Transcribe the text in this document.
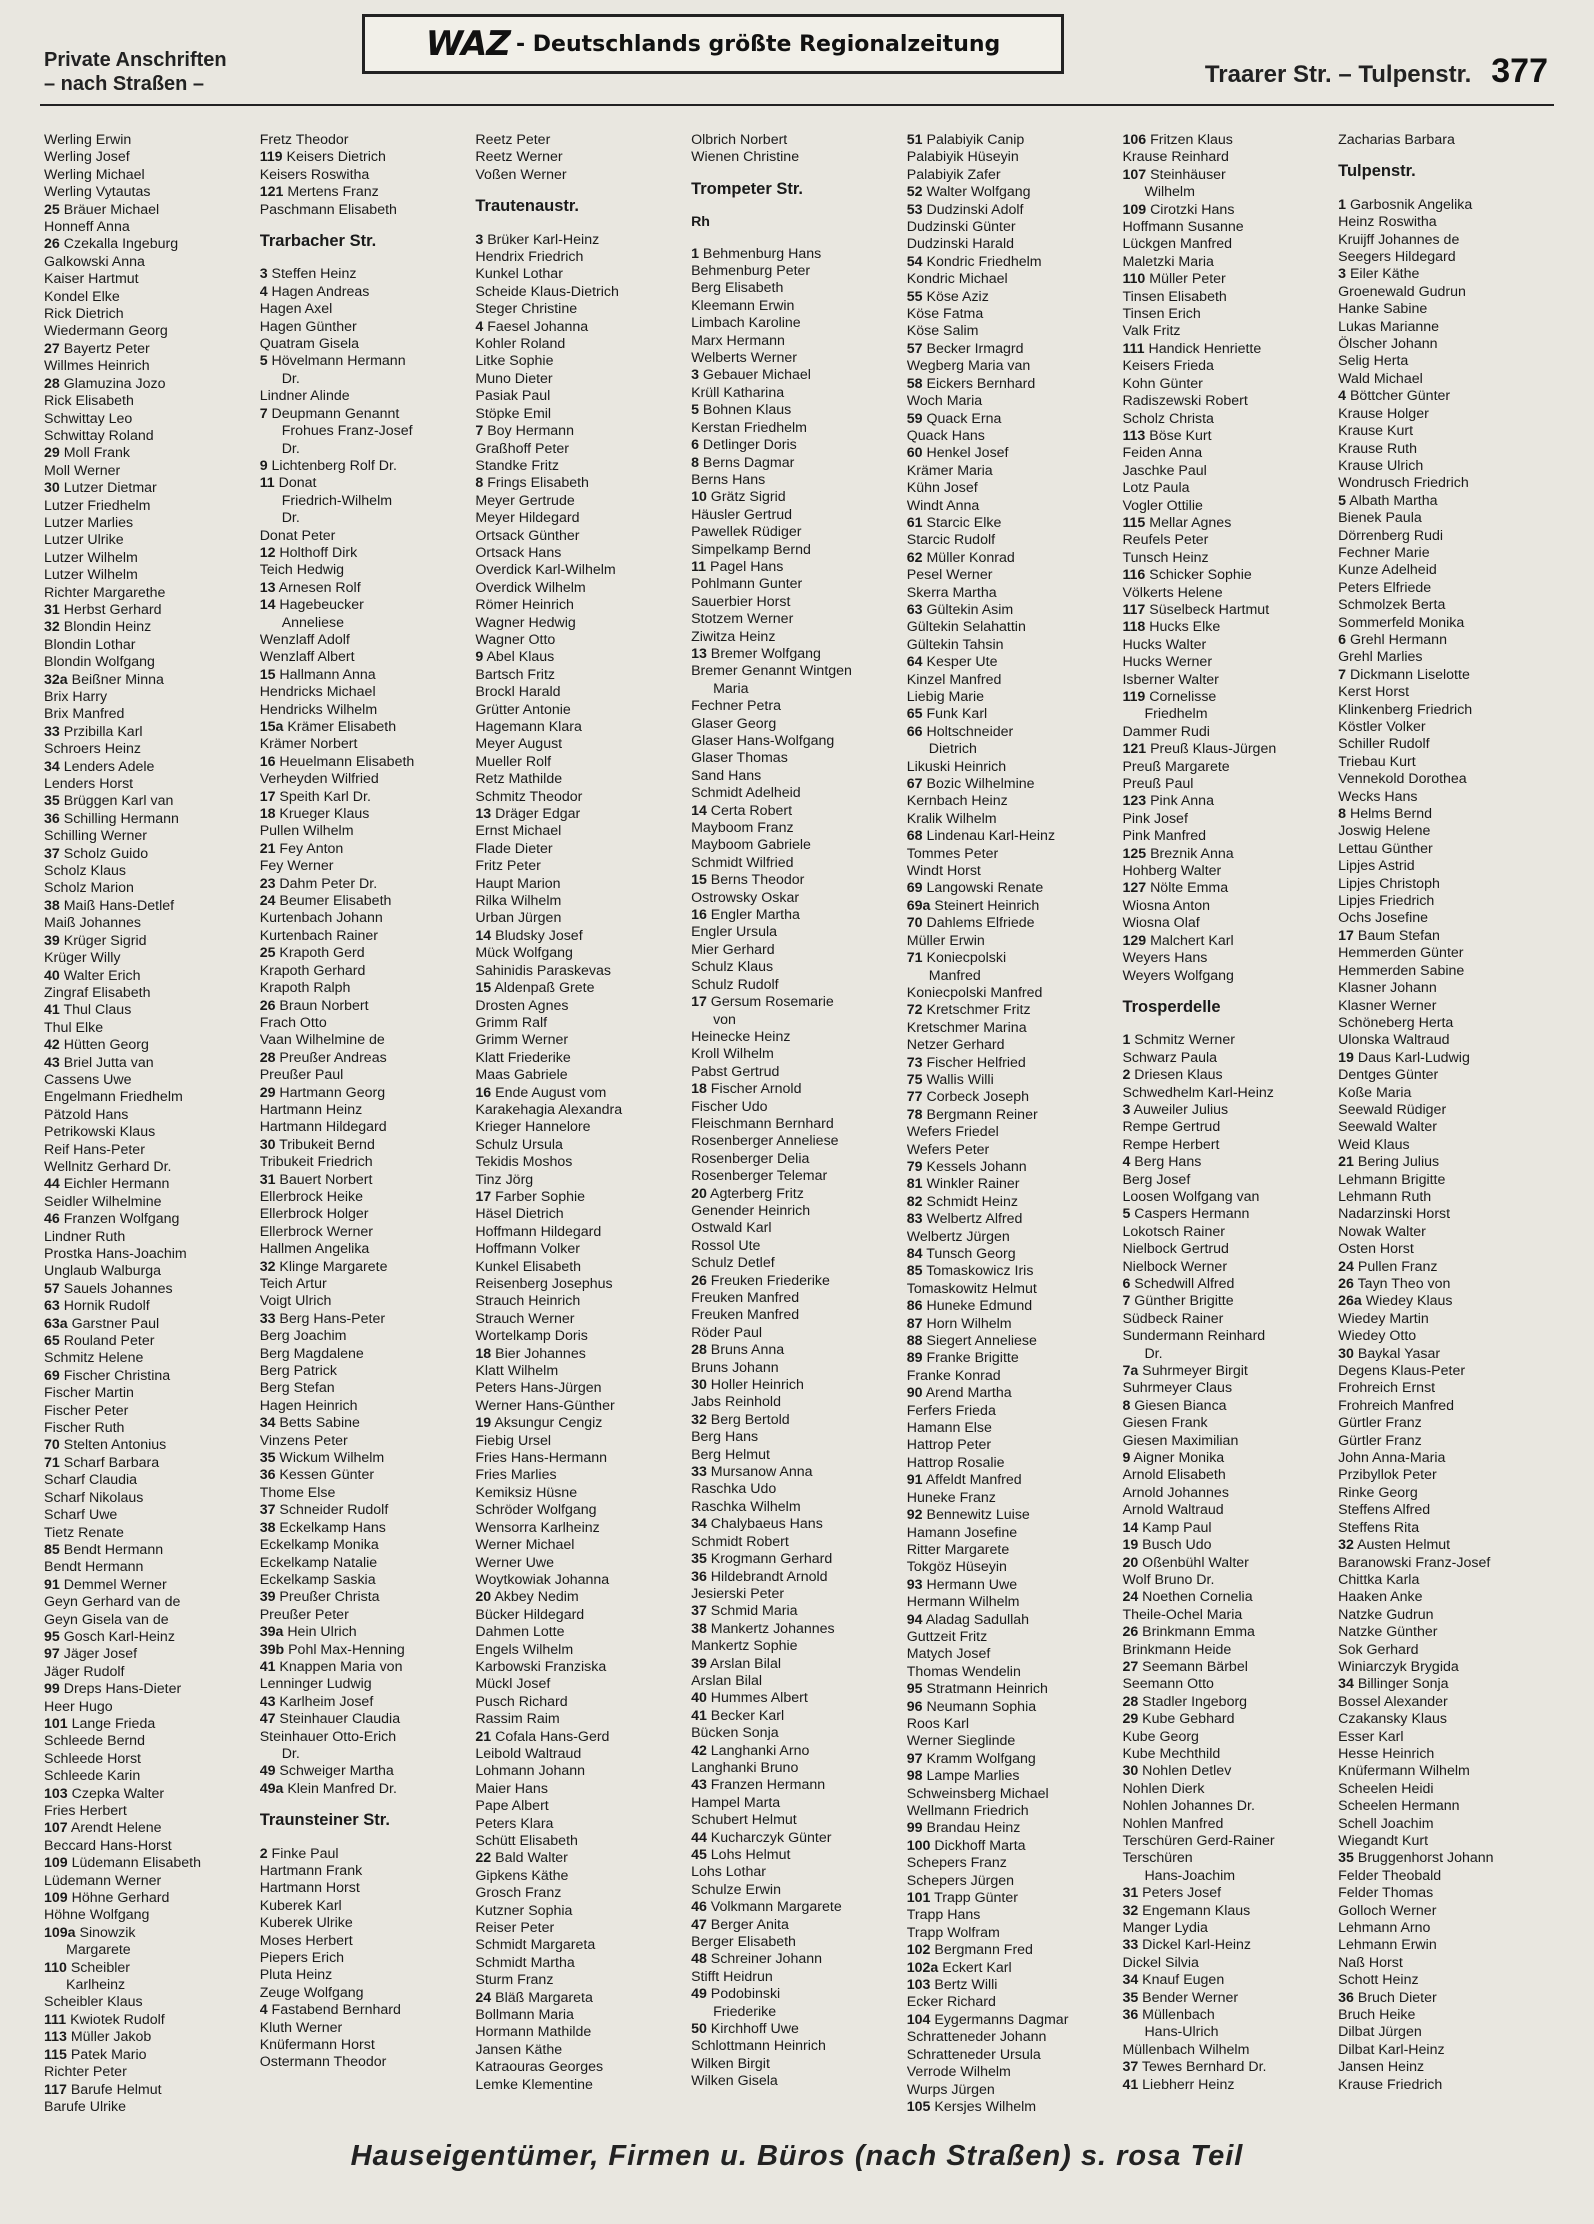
Private Anschriften
– nach Straßen –
WAZ - Deutschlands größte Regionalzeitung
Traarer Str. – Tulpenstr. 377
Werling Erwin
Werling Josef
Werling Michael
Werling Vytautas
25 Bräuer Michael
Honneff Anna
26 Czekalla Ingeburg
Galkowski Anna
Kaiser Hartmut
Kondel Elke
Rick Dietrich
Wiedermann Georg
27 Bayertz Peter
Willmes Heinrich
28 Glamuzina Jozo
Rick Elisabeth
Schwittay Leo
Schwittay Roland
29 Moll Frank
Moll Werner
30 Lutzer Dietmar
Lutzer Friedhelm
Lutzer Marlies
Lutzer Ulrike
Lutzer Wilhelm
Lutzer Wilhelm
Richter Margarethe
31 Herbst Gerhard
32 Blondin Heinz
Blondin Lothar
Blondin Wolfgang
32a Beißner Minna
Brix Harry
Brix Manfred
33 Przibilla Karl
Schroers Heinz
34 Lenders Adele
Lenders Horst
35 Brüggen Karl van
36 Schilling Hermann
Schilling Werner
37 Scholz Guido
Scholz Klaus
Scholz Marion
38 Maiß Hans-Detlef
Maiß Johannes
39 Krüger Sigrid
Krüger Willy
40 Walter Erich
Zingraf Elisabeth
41 Thul Claus
Thul Elke
42 Hütten Georg
43 Briel Jutta van
Cassens Uwe
Engelmann Friedhelm
Pätzold Hans
Petrikowski Klaus
Reif Hans-Peter
Wellnitz Gerhard Dr.
44 Eichler Hermann
Seidler Wilhelmine
46 Franzen Wolfgang
Lindner Ruth
Prostka Hans-Joachim
Unglaub Walburga
57 Sauels Johannes
63 Hornik Rudolf
63a Garstner Paul
65 Rouland Peter
Schmitz Helene
69 Fischer Christina
Fischer Martin
Fischer Peter
Fischer Ruth
70 Stelten Antonius
71 Scharf Barbara
Scharf Claudia
Scharf Nikolaus
Scharf Uwe
Tietz Renate
85 Bendt Hermann
Bendt Hermann
91 Demmel Werner
Geyn Gerhard van de
Geyn Gisela van de
95 Gosch Karl-Heinz
97 Jäger Josef
Jäger Rudolf
99 Dreps Hans-Dieter
Heer Hugo
101 Lange Frieda
Schleede Bernd
Schleede Horst
Schleede Karin
103 Czepka Walter
Fries Herbert
107 Arendt Helene
Beccard Hans-Horst
109 Lüdemann Elisabeth
Lüdemann Werner
109 Höhne Gerhard
Höhne Wolfgang
109a Sinowzik
Margarete
110 Scheibler
Karlheinz
Scheibler Klaus
111 Kwiotek Rudolf
113 Müller Jakob
115 Patek Mario
Richter Peter
117 Barufe Helmut
Barufe Ulrike
Fretz Theodor
119 Keisers Dietrich
Keisers Roswitha
121 Mertens Franz
Paschmann Elisabeth
Trarbacher Str.
3 Steffen Heinz
4 Hagen Andreas
Hagen Axel
Hagen Günther
Quatram Gisela
5 Hövelmann Hermann
Dr.
Lindner Alinde
7 Deupmann Genannt
Frohues Franz-Josef
Dr.
9 Lichtenberg Rolf Dr.
11 Donat
Friedrich-Wilhelm
Dr.
Donat Peter
12 Holthoff Dirk
Teich Hedwig
13 Arnesen Rolf
14 Hagebeucker
Anneliese
Wenzlaff Adolf
Wenzlaff Albert
15 Hallmann Anna
Hendricks Michael
Hendricks Wilhelm
15a Krämer Elisabeth
Krämer Norbert
16 Heuelmann Elisabeth
Verheyden Wilfried
17 Speith Karl Dr.
18 Krueger Klaus
Pullen Wilhelm
21 Fey Anton
Fey Werner
23 Dahm Peter Dr.
24 Beumer Elisabeth
Kurtenbach Johann
Kurtenbach Rainer
25 Krapoth Gerd
Krapoth Gerhard
Krapoth Ralph
26 Braun Norbert
Frach Otto
Vaan Wilhelmine de
28 Preußer Andreas
Preußer Paul
29 Hartmann Georg
Hartmann Heinz
Hartmann Hildegard
30 Tribukeit Bernd
Tribukeit Friedrich
31 Bauert Norbert
Ellerbrock Heike
Ellerbrock Holger
Ellerbrock Werner
Hallmen Angelika
32 Klinge Margarete
Teich Artur
Voigt Ulrich
33 Berg Hans-Peter
Berg Joachim
Berg Magdalene
Berg Patrick
Berg Stefan
Hagen Heinrich
34 Betts Sabine
Vinzens Peter
35 Wickum Wilhelm
36 Kessen Günter
Thome Else
37 Schneider Rudolf
38 Eckelkamp Hans
Eckelkamp Monika
Eckelkamp Natalie
Eckelkamp Saskia
39 Preußer Christa
Preußer Peter
39a Hein Ulrich
39b Pohl Max-Henning
41 Knappen Maria von
Lenninger Ludwig
43 Karlheim Josef
47 Steinhauer Claudia
Steinhauer Otto-Erich
Dr.
49 Schweiger Martha
49a Klein Manfred Dr.
Traunsteiner Str.
2 Finke Paul
Hartmann Frank
Hartmann Horst
Kuberek Karl
Kuberek Ulrike
Moses Herbert
Piepers Erich
Pluta Heinz
Zeuge Wolfgang
4 Fastabend Bernhard
Kluth Werner
Knüfermann Horst
Ostermann Theodor
Reetz Peter
Reetz Werner
Voßen Werner
Trautenaustr.
3 Brüker Karl-Heinz
Hendrix Friedrich
Kunkel Lothar
Scheide Klaus-Dietrich
Steger Christine
4 Faesel Johanna
Kohler Roland
Litke Sophie
Muno Dieter
Pasiak Paul
Stöpke Emil
7 Boy Hermann
Graßhoff Peter
Standke Fritz
8 Frings Elisabeth
Meyer Gertrude
Meyer Hildegard
Ortsack Günther
Ortsack Hans
Overdick Karl-Wilhelm
Overdick Wilhelm
Römer Heinrich
Wagner Hedwig
Wagner Otto
9 Abel Klaus
Bartsch Fritz
Brockl Harald
Grütter Antonie
Hagemann Klara
Meyer August
Mueller Rolf
Retz Mathilde
Schmitz Theodor
13 Dräger Edgar
Ernst Michael
Flade Dieter
Fritz Peter
Haupt Marion
Rilka Wilhelm
Urban Jürgen
14 Bludsky Josef
Mück Wolfgang
Sahinidis Paraskevas
15 Aldenpaß Grete
Drosten Agnes
Grimm Ralf
Grimm Werner
Klatt Friederike
Maas Gabriele
16 Ende August vom
Karakehagia Alexandra
Krieger Hannelore
Schulz Ursula
Tekidis Moshos
Tinz Jörg
17 Farber Sophie
Häsel Dietrich
Hoffmann Hildegard
Hoffmann Volker
Kunkel Elisabeth
Reisenberg Josephus
Strauch Heinrich
Strauch Werner
Wortelkamp Doris
18 Bier Johannes
Klatt Wilhelm
Peters Hans-Jürgen
Werner Hans-Günther
19 Aksungur Cengiz
Fiebig Ursel
Fries Hans-Hermann
Fries Marlies
Kemiksiz Hüsne
Schröder Wolfgang
Wensorra Karlheinz
Werner Michael
Werner Uwe
Woytkowiak Johanna
20 Akbey Nedim
Bücker Hildegard
Dahmen Lotte
Engels Wilhelm
Karbowski Franziska
Mückl Josef
Pusch Richard
Rassim Raim
21 Cofala Hans-Gerd
Leibold Waltraud
Lohmann Johann
Maier Hans
Pape Albert
Peters Klara
Schütt Elisabeth
22 Bald Walter
Gipkens Käthe
Grosch Franz
Kutzner Sophia
Reiser Peter
Schmidt Margareta
Schmidt Martha
Sturm Franz
24 Bläß Margareta
Bollmann Maria
Hormann Mathilde
Jansen Käthe
Katraouras Georges
Lemke Klementine
Olbrich Norbert
Wienen Christine
Trompeter Str.
Rh
1 Behmenburg Hans
Behmenburg Peter
Berg Elisabeth
Kleemann Erwin
Limbach Karoline
Marx Hermann
Welberts Werner
3 Gebauer Michael
Krüll Katharina
5 Bohnen Klaus
Kerstan Friedhelm
6 Detlinger Doris
8 Berns Dagmar
Berns Hans
10 Grätz Sigrid
Häusler Gertrud
Pawellek Rüdiger
Simpelkamp Bernd
11 Pagel Hans
Pohlmann Gunter
Sauerbier Horst
Stotzem Werner
Ziwitza Heinz
13 Bremer Wolfgang
Bremer Genannt Wintgen
Maria
Fechner Petra
Glaser Georg
Glaser Hans-Wolfgang
Glaser Thomas
Sand Hans
Schmidt Adelheid
14 Certa Robert
Mayboom Franz
Mayboom Gabriele
Schmidt Wilfried
15 Berns Theodor
Ostrowsky Oskar
16 Engler Martha
Engler Ursula
Mier Gerhard
Schulz Klaus
Schulz Rudolf
17 Gersum Rosemarie
von
Heinecke Heinz
Kroll Wilhelm
Pabst Gertrud
18 Fischer Arnold
Fischer Udo
Fleischmann Bernhard
Rosenberger Anneliese
Rosenberger Delia
Rosenberger Telemar
20 Agterberg Fritz
Genender Heinrich
Ostwald Karl
Rossol Ute
Schulz Detlef
26 Freuken Friederike
Freuken Manfred
Freuken Manfred
Röder Paul
28 Bruns Anna
Bruns Johann
30 Holler Heinrich
Jabs Reinhold
32 Berg Bertold
Berg Hans
Berg Helmut
33 Mursanow Anna
Raschka Udo
Raschka Wilhelm
34 Chalybaeus Hans
Schmidt Robert
35 Krogmann Gerhard
36 Hildebrandt Arnold
Jesierski Peter
37 Schmid Maria
38 Mankertz Johannes
Mankertz Sophie
39 Arslan Bilal
Arslan Bilal
40 Hummes Albert
41 Becker Karl
Bücken Sonja
42 Langhanki Arno
Langhanki Bruno
43 Franzen Hermann
Hampel Marta
Schubert Helmut
44 Kucharczyk Günter
45 Lohs Helmut
Lohs Lothar
Schulze Erwin
46 Volkmann Margarete
47 Berger Anita
Berger Elisabeth
48 Schreiner Johann
Stifft Heidrun
49 Podobinski
Friederike
50 Kirchhoff Uwe
Schlottmann Heinrich
Wilken Birgit
Wilken Gisela
51 Palabiyik Canip
Palabiyik Hüseyin
Palabiyik Zafer
52 Walter Wolfgang
53 Dudzinski Adolf
Dudzinski Günter
Dudzinski Harald
54 Kondric Friedhelm
Kondric Michael
55 Köse Aziz
Köse Fatma
Köse Salim
57 Becker Irmagrd
Wegberg Maria van
58 Eickers Bernhard
Woch Maria
59 Quack Erna
Quack Hans
60 Henkel Josef
Krämer Maria
Kühn Josef
Windt Anna
61 Starcic Elke
Starcic Rudolf
62 Müller Konrad
Pesel Werner
Skerra Martha
63 Gültekin Asim
Gültekin Selahattin
Gültekin Tahsin
64 Kesper Ute
Kinzel Manfred
Liebig Marie
65 Funk Karl
66 Holtschneider
Dietrich
Likuski Heinrich
67 Bozic Wilhelmine
Kernbach Heinz
Kralik Wilhelm
68 Lindenau Karl-Heinz
Tommes Peter
Windt Horst
69 Langowski Renate
69a Steinert Heinrich
70 Dahlems Elfriede
Müller Erwin
71 Koniecpolski
Manfred
Koniecpolski Manfred
72 Kretschmer Fritz
Kretschmer Marina
Netzer Gerhard
73 Fischer Helfried
75 Wallis Willi
77 Corbeck Joseph
78 Bergmann Reiner
Wefers Friedel
Wefers Peter
79 Kessels Johann
81 Winkler Rainer
82 Schmidt Heinz
83 Welbertz Alfred
Welbertz Jürgen
84 Tunsch Georg
85 Tomaskowicz Iris
Tomaskowitz Helmut
86 Huneke Edmund
87 Horn Wilhelm
88 Siegert Anneliese
89 Franke Brigitte
Franke Konrad
90 Arend Martha
Ferfers Frieda
Hamann Else
Hattrop Peter
Hattrop Rosalie
91 Affeldt Manfred
Huneke Franz
92 Bennewitz Luise
Hamann Josefine
Ritter Margarete
Tokgöz Hüseyin
93 Hermann Uwe
Hermann Wilhelm
94 Aladag Sadullah
Guttzeit Fritz
Matych Josef
Thomas Wendelin
95 Stratmann Heinrich
96 Neumann Sophia
Roos Karl
Werner Sieglinde
97 Kramm Wolfgang
98 Lampe Marlies
Schweinsberg Michael
Wellmann Friedrich
99 Brandau Heinz
100 Dickhoff Marta
Schepers Franz
Schepers Jürgen
101 Trapp Günter
Trapp Hans
Trapp Wolfram
102 Bergmann Fred
102a Eckert Karl
103 Bertz Willi
Ecker Richard
104 Eygermanns Dagmar
Schratteneder Johann
Schratteneder Ursula
Verrode Wilhelm
Wurps Jürgen
105 Kersjes Wilhelm
106 Fritzen Klaus
Krause Reinhard
107 Steinhäuser
Wilhelm
109 Cirotzki Hans
Hoffmann Susanne
Lückgen Manfred
Maletzki Maria
110 Müller Peter
Tinsen Elisabeth
Tinsen Erich
Valk Fritz
111 Handick Henriette
Keisers Frieda
Kohn Günter
Radiszewski Robert
Scholz Christa
113 Böse Kurt
Feiden Anna
Jaschke Paul
Lotz Paula
Vogler Ottilie
115 Mellar Agnes
Reufels Peter
Tunsch Heinz
116 Schicker Sophie
Völkerts Helene
117 Süselbeck Hartmut
118 Hucks Elke
Hucks Walter
Hucks Werner
Isberner Walter
119 Cornelisse
Friedhelm
Dammer Rudi
121 Preuß Klaus-Jürgen
Preuß Margarete
Preuß Paul
123 Pink Anna
Pink Josef
Pink Manfred
125 Breznik Anna
Hohberg Walter
127 Nölte Emma
Wiosna Anton
Wiosna Olaf
129 Malchert Karl
Weyers Hans
Weyers Wolfgang
Trosperdelle
1 Schmitz Werner
Schwarz Paula
2 Driesen Klaus
Schwedhelm Karl-Heinz
3 Auweiler Julius
Rempe Gertrud
Rempe Herbert
4 Berg Hans
Berg Josef
Loosen Wolfgang van
5 Caspers Hermann
Lokotsch Rainer
Nielbock Gertrud
Nielbock Werner
6 Schedwill Alfred
7 Günther Brigitte
Südbeck Rainer
Sundermann Reinhard
Dr.
7a Suhrmeyer Birgit
Suhrmeyer Claus
8 Giesen Bianca
Giesen Frank
Giesen Maximilian
9 Aigner Monika
Arnold Elisabeth
Arnold Johannes
Arnold Waltraud
14 Kamp Paul
19 Busch Udo
20 Oßenbühl Walter
Wolf Bruno Dr.
24 Noethen Cornelia
Theile-Ochel Maria
26 Brinkmann Emma
Brinkmann Heide
27 Seemann Bärbel
Seemann Otto
28 Stadler Ingeborg
29 Kube Gebhard
Kube Georg
Kube Mechthild
30 Nohlen Detlev
Nohlen Dierk
Nohlen Johannes Dr.
Nohlen Manfred
Terschüren Gerd-Rainer
Terschüren
Hans-Joachim
31 Peters Josef
32 Engemann Klaus
Manger Lydia
33 Dickel Karl-Heinz
Dickel Silvia
34 Knauf Eugen
35 Bender Werner
36 Müllenbach
Hans-Ulrich
Müllenbach Wilhelm
37 Tewes Bernhard Dr.
41 Liebherr Heinz
Zacharias Barbara
Tulpenstr.
1 Garbosnik Angelika
Heinz Roswitha
Kruijff Johannes de
Seegers Hildegard
3 Eiler Käthe
Groenewald Gudrun
Hanke Sabine
Lukas Marianne
Ölscher Johann
Selig Herta
Wald Michael
4 Böttcher Günter
Krause Holger
Krause Kurt
Krause Ruth
Krause Ulrich
Wondrusch Friedrich
5 Albath Martha
Bienek Paula
Dörrenberg Rudi
Fechner Marie
Kunze Adelheid
Peters Elfriede
Schmolzek Berta
Sommerfeld Monika
6 Grehl Hermann
Grehl Marlies
7 Dickmann Liselotte
Kerst Horst
Klinkenberg Friedrich
Köstler Volker
Schiller Rudolf
Triebau Kurt
Vennekold Dorothea
Wecks Hans
8 Helms Bernd
Joswig Helene
Lettau Günther
Lipjes Astrid
Lipjes Christoph
Lipjes Friedrich
Ochs Josefine
17 Baum Stefan
Hemmerden Günter
Hemmerden Sabine
Klasner Johann
Klasner Werner
Schöneberg Herta
Ulonska Waltraud
19 Daus Karl-Ludwig
Dentges Günter
Koße Maria
Seewald Rüdiger
Seewald Walter
Weid Klaus
21 Bering Julius
Lehmann Brigitte
Lehmann Ruth
Nadarzinski Horst
Nowak Walter
Osten Horst
24 Pullen Franz
26 Tayn Theo von
26a Wiedey Klaus
Wiedey Martin
Wiedey Otto
30 Baykal Yasar
Degens Klaus-Peter
Frohreich Ernst
Frohreich Manfred
Gürtler Franz
Gürtler Franz
John Anna-Maria
Przibyllok Peter
Rinke Georg
Steffens Alfred
Steffens Rita
32 Austen Helmut
Baranowski Franz-Josef
Chittka Karla
Haaken Anke
Natzke Gudrun
Natzke Günther
Sok Gerhard
Winiarczyk Brygida
34 Billinger Sonja
Bossel Alexander
Czakansky Klaus
Esser Karl
Hesse Heinrich
Knüfermann Wilhelm
Scheelen Heidi
Scheelen Hermann
Schell Joachim
Wiegandt Kurt
35 Bruggenhorst Johann
Felder Theobald
Felder Thomas
Golloch Werner
Lehmann Arno
Lehmann Erwin
Naß Horst
Schott Heinz
36 Bruch Dieter
Bruch Heike
Dilbat Jürgen
Dilbat Karl-Heinz
Jansen Heinz
Krause Friedrich
Hauseigentümer, Firmen u. Büros (nach Straßen) s. rosa Teil
